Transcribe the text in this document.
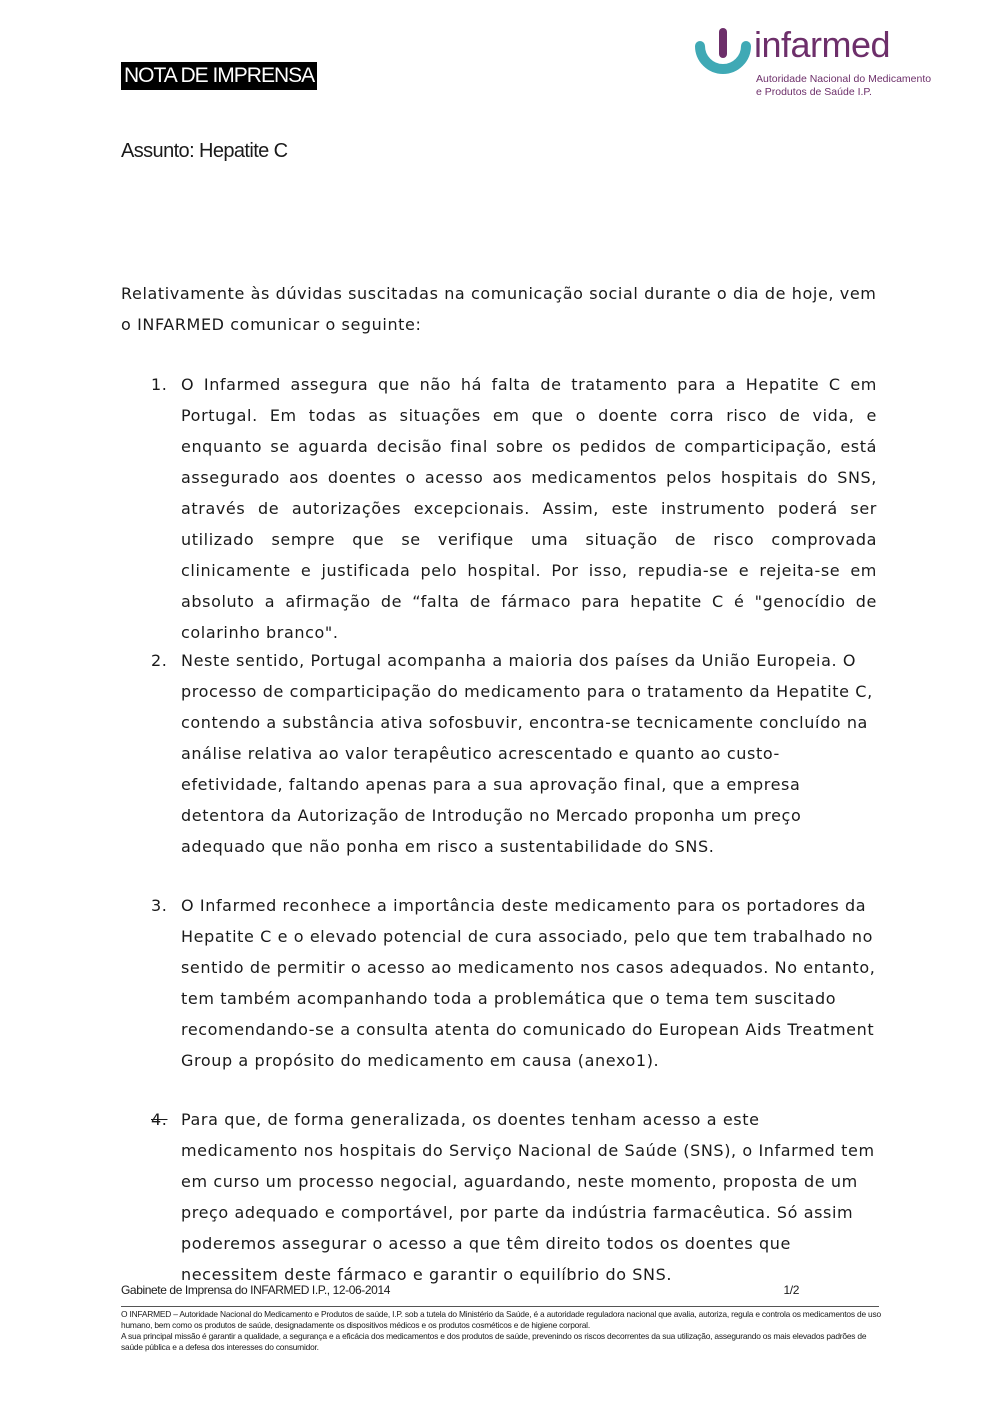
NOTA DE IMPRENSA
infarmed
Autoridade Nacional do Medicamento
e Produtos de Saúde I.P.
Assunto: Hepatite C
Relativamente às dúvidas suscitadas na comunicação social durante o dia de hoje, vem o INFARMED comunicar o seguinte:
1. O Infarmed assegura que não há falta de tratamento para a Hepatite C em Portugal. Em todas as situações em que o doente corra risco de vida, e enquanto se aguarda decisão final sobre os pedidos de comparticipação, está assegurado aos doentes o acesso aos medicamentos pelos hospitais do SNS, através de autorizações excepcionais. Assim, este instrumento poderá ser utilizado sempre que se verifique uma situação de risco comprovada clinicamente e justificada pelo hospital. Por isso, repudia-se e rejeita-se em absoluto a afirmação de “falta de fármaco para hepatite C é "genocídio de colarinho branco".
2. Neste sentido, Portugal acompanha a maioria dos países da União Europeia. O processo de comparticipação do medicamento para o tratamento da Hepatite C, contendo a substância ativa sofosbuvir, encontra-se tecnicamente concluído na análise relativa ao valor terapêutico acrescentado e quanto ao custo-efetividade, faltando apenas para a sua aprovação final, que a empresa detentora da Autorização de Introdução no Mercado proponha um preço adequado que não ponha em risco a sustentabilidade do SNS.
3. O Infarmed reconhece a importância deste medicamento para os portadores da Hepatite C e o elevado potencial de cura associado, pelo que tem trabalhado no sentido de permitir o acesso ao medicamento nos casos adequados. No entanto, tem também acompanhando toda a problemática que o tema tem suscitado recomendando-se a consulta atenta do comunicado do European Aids Treatment Group a propósito do medicamento em causa (anexo1).
4. Para que, de forma generalizada, os doentes tenham acesso a este medicamento nos hospitais do Serviço Nacional de Saúde (SNS), o Infarmed tem em curso um processo negocial, aguardando, neste momento, proposta de um preço adequado e comportável, por parte da indústria farmacêutica. Só assim poderemos assegurar o acesso a que têm direito todos os doentes que necessitem deste fármaco e garantir o equilíbrio do SNS.
Gabinete de Imprensa do INFARMED I.P., 12-06-2014	1/2
O INFARMED – Autoridade Nacional do Medicamento e Produtos de saúde, I.P. sob a tutela do Ministério da Saúde, é a autoridade reguladora nacional que avalia, autoriza, regula e controla os medicamentos de uso humano, bem como os produtos de saúde, designadamente os dispositivos médicos e os produtos cosméticos e de higiene corporal.
A sua principal missão é garantir a qualidade, a segurança e a eficácia dos medicamentos e dos produtos de saúde, prevenindo os riscos decorrentes da sua utilização, assegurando os mais elevados padrões de saúde pública e a defesa dos interesses do consumidor.
